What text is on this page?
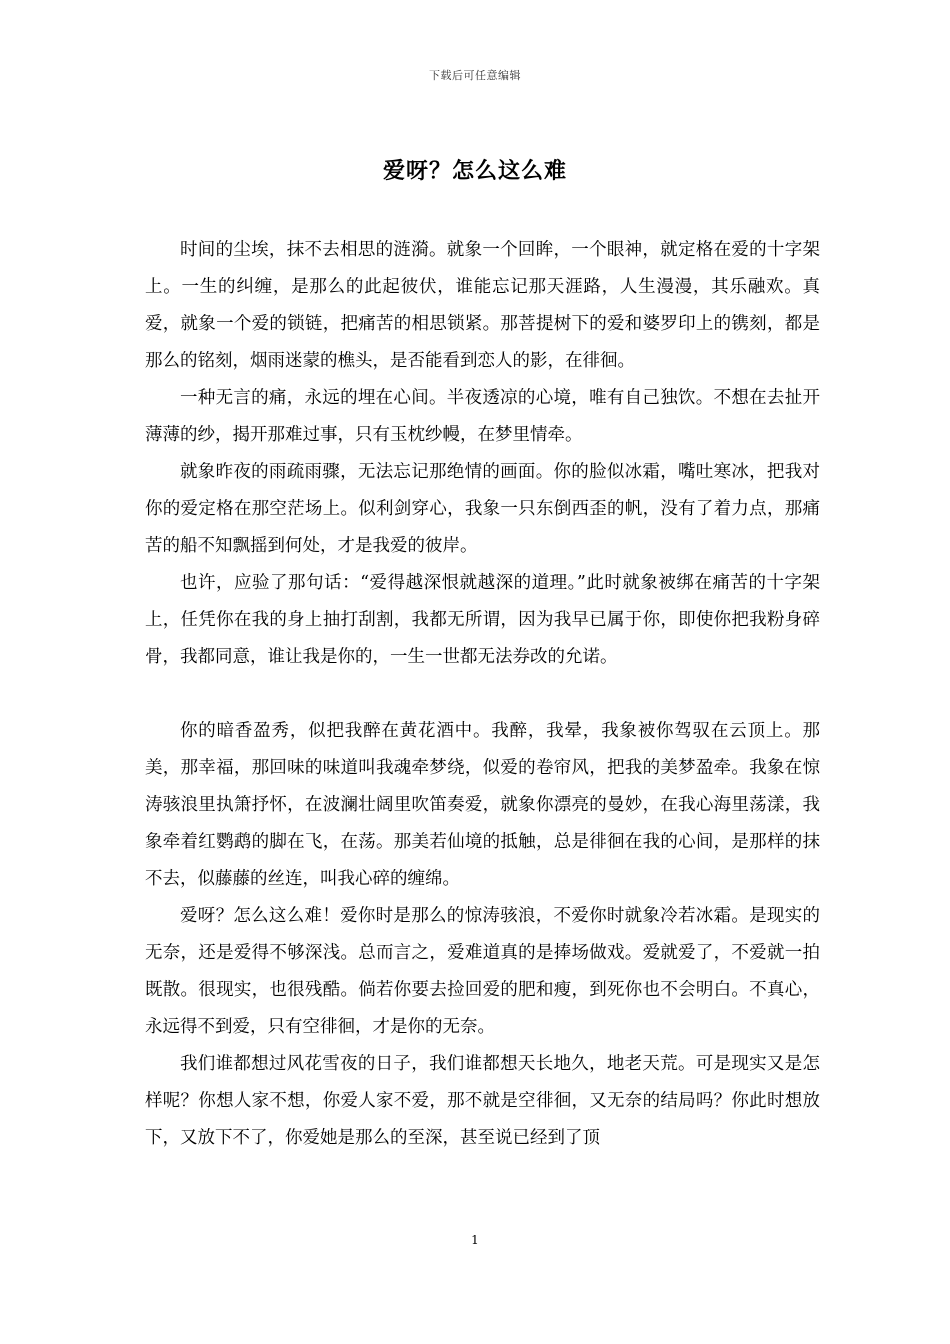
下载后可任意编辑
爱呀？怎么这么难

时间的尘埃，抹不去相思的涟漪。就象一个回眸，一个眼神，就定格在爱的十字架上。一生的纠缠，是那么的此起彼伏，谁能忘记那天涯路，人生漫漫，其乐融欢。真爱，就象一个爱的锁链，把痛苦的相思锁紧。那菩提树下的爱和婆罗印上的镌刻，都是那么的铭刻，烟雨迷蒙的樵头，是否能看到恋人的影，在徘徊。

一种无言的痛，永远的埋在心间。半夜透凉的心境，唯有自己独饮。不想在去扯开薄薄的纱，揭开那难过事，只有玉枕纱幔，在梦里情牵。

就象昨夜的雨疏雨骤，无法忘记那绝情的画面。你的脸似冰霜，嘴吐寒冰，把我对你的爱定格在那空茫场上。似利剑穿心，我象一只东倒西歪的帆，没有了着力点，那痛苦的船不知飘摇到何处，才是我爱的彼岸。

也许，应验了那句话：“爱得越深恨就越深的道理。”此时就象被绑在痛苦的十字架上，任凭你在我的身上抽打刮割，我都无所谓，因为我早已属于你，即使你把我粉身碎骨，我都同意，谁让我是你的，一生一世都无法券改的允诺。

你的暗香盈秀，似把我醉在黄花酒中。我醉，我晕，我象被你驾驭在云顶上。那美，那幸福，那回味的味道叫我魂牵梦绕，似爱的卷帘风，把我的美梦盈牵。我象在惊涛骇浪里执箫抒怀，在波澜壮阔里吹笛奏爱，就象你漂亮的曼妙，在我心海里荡漾，我象牵着红鹦鹉的脚在飞，在荡。那美若仙境的抵触，总是徘徊在我的心间，是那样的抹不去，似藤藤的丝连，叫我心碎的缠绵。

爱呀？怎么这么难！爱你时是那么的惊涛骇浪，不爱你时就象冷若冰霜。是现实的无奈，还是爱得不够深浅。总而言之，爱难道真的是捧场做戏。爱就爱了，不爱就一拍既散。很现实，也很残酷。倘若你要去捡回爱的肥和瘦，到死你也不会明白。不真心，永远得不到爱，只有空徘徊，才是你的无奈。

我们谁都想过风花雪夜的日子，我们谁都想天长地久，地老天荒。可是现实又是怎样呢？你想人家不想，你爱人家不爱，那不就是空徘徊，又无奈的结局吗？你此时想放下，又放下不了，你爱她是那么的至深，甚至说已经到了顶

1
